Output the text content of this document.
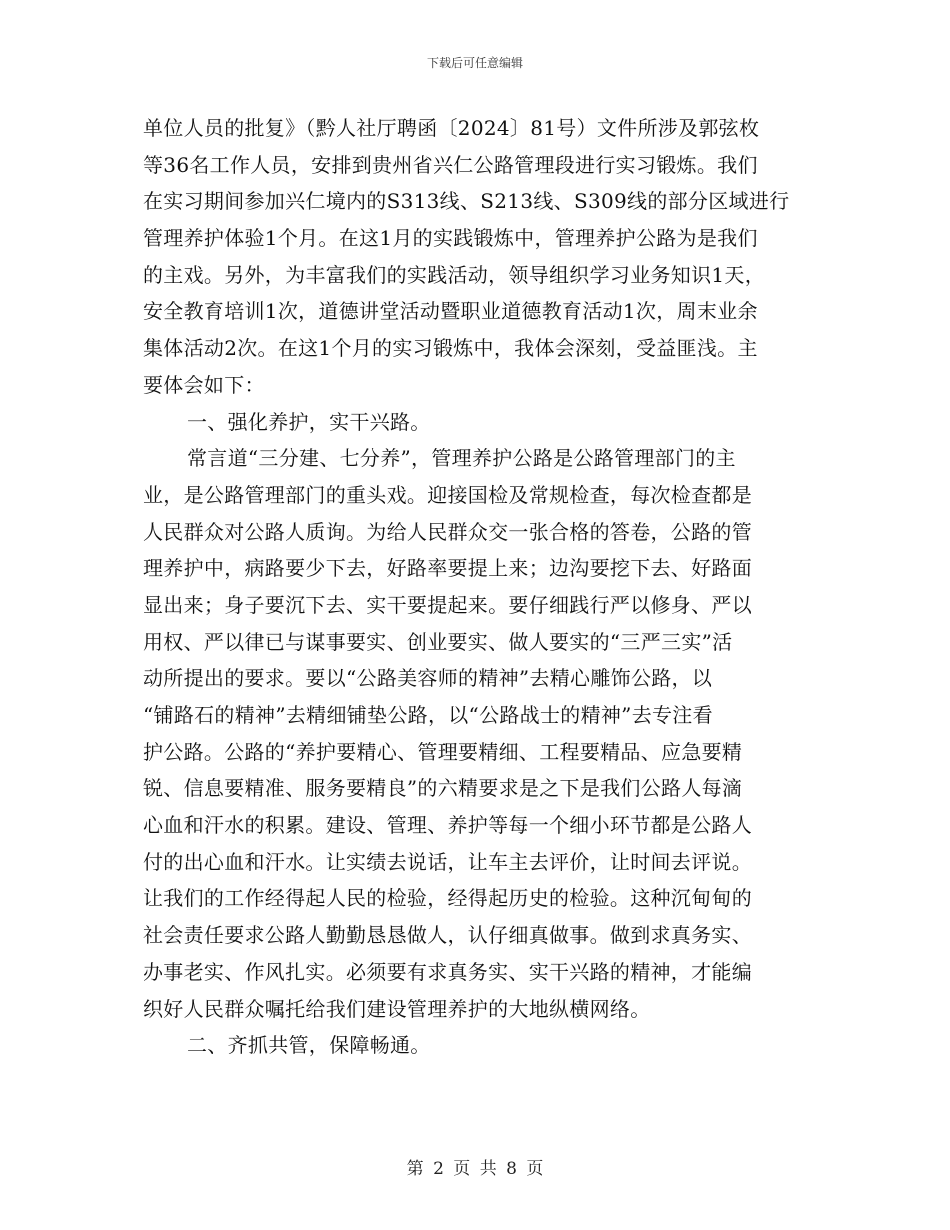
下载后可任意编辑
单位人员的批复》（黔人社厅聘函〔2024〕81号）文件所涉及郭弦枚
等36名工作人员，安排到贵州省兴仁公路管理段进行实习锻炼。我们
在实习期间参加兴仁境内的S313线、S213线、S309线的部分区域进行
管理养护体验1个月。在这1月的实践锻炼中，管理养护公路为是我们
的主戏。另外，为丰富我们的实践活动，领导组织学习业务知识1天，
安全教育培训1次，道德讲堂活动暨职业道德教育活动1次，周末业余
集体活动2次。在这1个月的实习锻炼中，我体会深刻，受益匪浅。主
要体会如下：
一、强化养护，实干兴路。
常言道“三分建、七分养”，管理养护公路是公路管理部门的主
业，是公路管理部门的重头戏。迎接国检及常规检查，每次检查都是
人民群众对公路人质询。为给人民群众交一张合格的答卷，公路的管
理养护中，病路要少下去，好路率要提上来；边沟要挖下去、好路面
显出来；身子要沉下去、实干要提起来。要仔细践行严以修身、严以
用权、严以律已与谋事要实、创业要实、做人要实的“三严三实”活
动所提出的要求。要以“公路美容师的精神”去精心雕饰公路，以
“铺路石的精神”去精细铺垫公路，以“公路战士的精神”去专注看
护公路。公路的“养护要精心、管理要精细、工程要精品、应急要精
锐、信息要精准、服务要精良”的六精要求是之下是我们公路人每滴
心血和汗水的积累。建设、管理、养护等每一个细小环节都是公路人
付的出心血和汗水。让实绩去说话，让车主去评价，让时间去评说。
让我们的工作经得起人民的检验，经得起历史的检验。这种沉甸甸的
社会责任要求公路人勤勤恳恳做人，认仔细真做事。做到求真务实、
办事老实、作风扎实。必须要有求真务实、实干兴路的精神，才能编
织好人民群众嘱托给我们建设管理养护的大地纵横网络。
二、齐抓共管，保障畅通。
第 2 页 共 8 页
